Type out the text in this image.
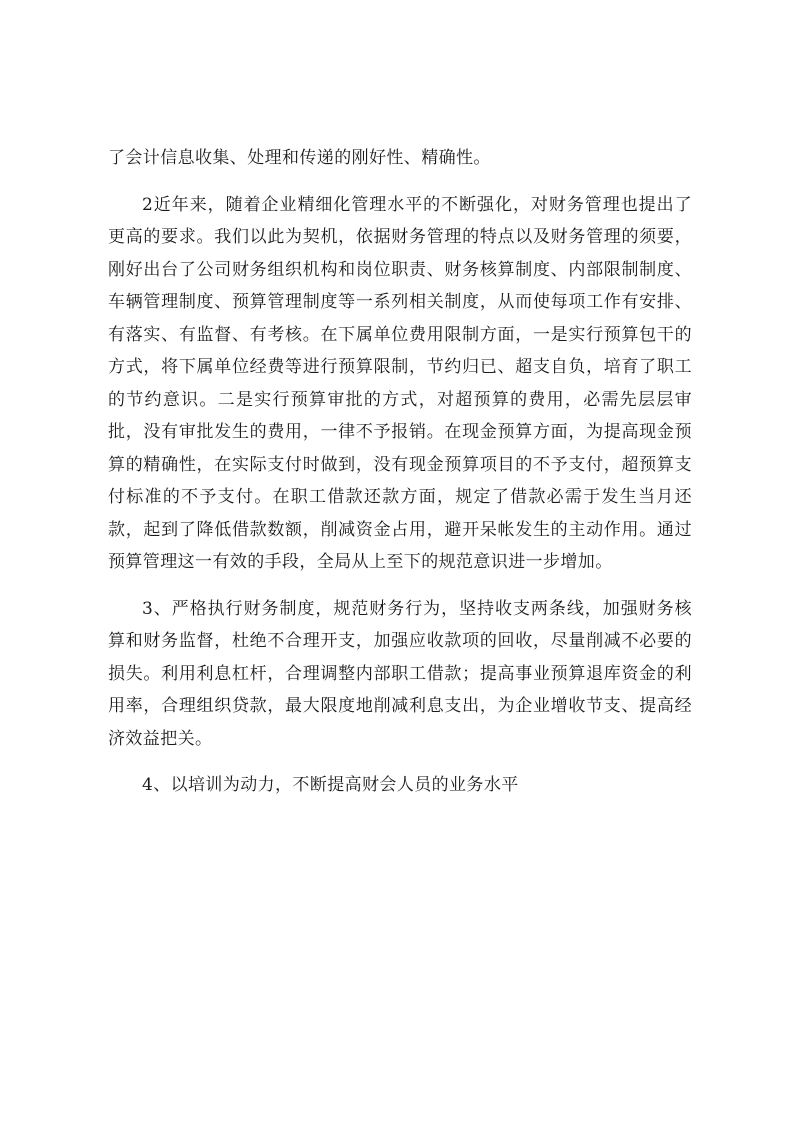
了会计信息收集、处理和传递的刚好性、精确性。

2近年来，随着企业精细化管理水平的不断强化，对财务管理也提出了更高的要求。我们以此为契机，依据财务管理的特点以及财务管理的须要，刚好出台了公司财务组织机构和岗位职责、财务核算制度、内部限制制度、车辆管理制度、预算管理制度等一系列相关制度，从而使每项工作有安排、有落实、有监督、有考核。在下属单位费用限制方面，一是实行预算包干的方式，将下属单位经费等进行预算限制，节约归已、超支自负，培育了职工的节约意识。二是实行预算审批的方式，对超预算的费用，必需先层层审批，没有审批发生的费用，一律不予报销。在现金预算方面，为提高现金预算的精确性，在实际支付时做到，没有现金预算项目的不予支付，超预算支付标准的不予支付。在职工借款还款方面，规定了借款必需于发生当月还款，起到了降低借款数额，削减资金占用，避开呆帐发生的主动作用。通过预算管理这一有效的手段，全局从上至下的规范意识进一步增加。

3、严格执行财务制度，规范财务行为，坚持收支两条线，加强财务核算和财务监督，杜绝不合理开支，加强应收款项的回收，尽量削减不必要的损失。利用利息杠杆，合理调整内部职工借款；提高事业预算退库资金的利用率，合理组织贷款，最大限度地削减利息支出，为企业增收节支、提高经济效益把关。

4、以培训为动力，不断提高财会人员的业务水平
